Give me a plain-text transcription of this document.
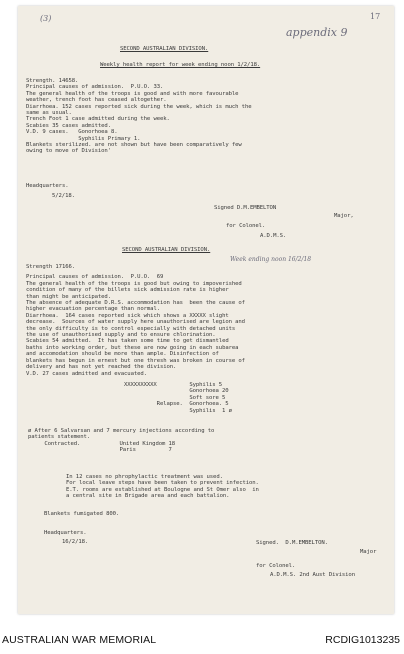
(3)
appendix 9
17
SECOND AUSTRALIAN DIVISION.
Weekly health report for week ending noon 1/2/18.
Strength. 14658.
Principal causes of admission.  P.U.O. 33.
The general health of the troops is good and with more favourable
weather, trench foot has ceased altogether.
Diarrhoea. 152 cases reported sick during the week, which is much the
same as usual.
Trench Foot 1 case admitted during the week.
Scabies 35 cases admitted.
V.D. 9 cases.   Gonorhoea 8.
Syphilis Primary 1.
Blankets sterilized. are not shown but have been comparatively few
owing to move of Division'
Headquarters.
5/2/18.
Signed D.M.EMBELTON
Major,
for Colonel.
A.D.M.S.
SECOND AUSTRALIAN DIVISION.
Week ending noon 16/2/18
Strength 17166.
Principal causes of admission.  P.U.O.  69
The general health of the troops is good but owing to impoverished
condition of many of the billets sick admission rate is higher
than might be anticipated.
The absence of adequate D.R.S. accommodation has  been the cause of
higher evacuation percentage than normal.
Diarrhoea.  164 cases reported sick which shows a XXXXX slight
decrease.  Sources of water supply here unauthorised are legion and
the only difficulty is to control especially with detached units
the use of unauthorised supply and to ensure chlorination.
Scabies 54 admitted.  It has taken some time to get dismantled
baths into working order, but these are now going in each subarea
and accomodation should be more than ample. Disinfection of
blankets has begun in ernest but one thresh was broken in course of
delivery and has not yet reached the division.
V.D. 27 cases admitted and evacuated.
XXXXXXXXXX          Syphilis 5
Gonorhoea 20
Soft sore 5
Relapse.  Gonorhoea. 5
Syphilis  1 ø
ø After 6 Salvarsan and 7 mercury injections according to
patients statement.
Contracted.            United Kingdom 18
Paris          7
In 12 cases no phrophylactic treatment was used.
For local leave steps have been taken to prevent infection.
E.T. rooms are established at Boulogne and St Omer also  in
a central site in Brigade area and each battalion.
Blankets fumigated 800.
Headquarters.
16/2/18.	Signed.  D.M.EMBELTON.
Major
for Colonel.
A.D.M.S. 2nd Aust Division
AUSTRALIAN WAR MEMORIAL	RCDIG1013235
